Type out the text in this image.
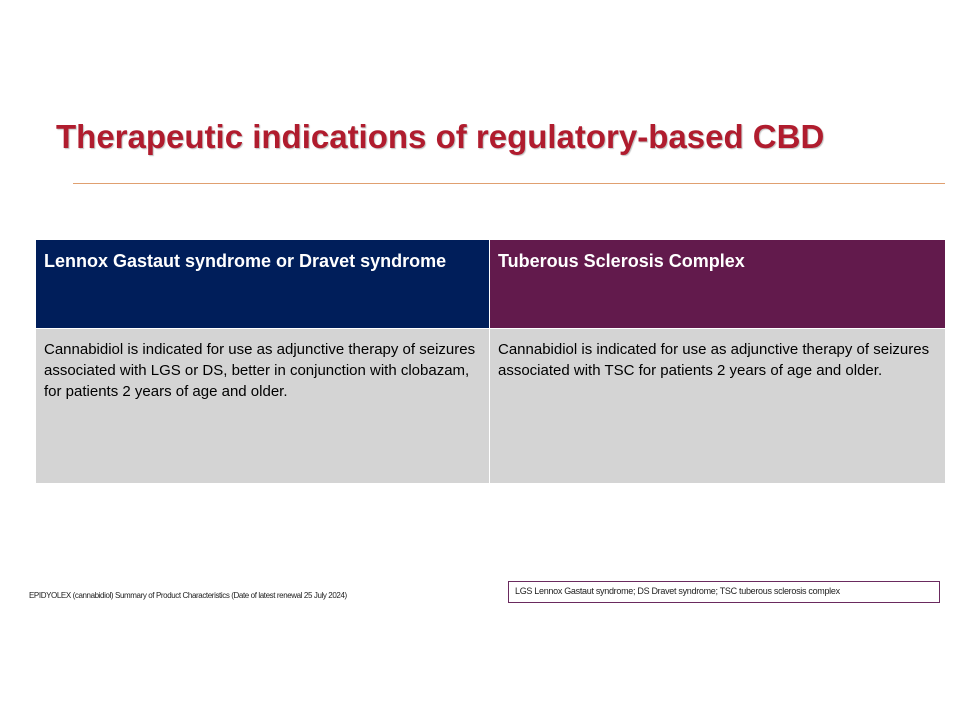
Therapeutic indications of regulatory-based CBD
Lennox Gastaut syndrome or Dravet syndrome	Tuberous Sclerosis Complex
Cannabidiol is indicated for use as adjunctive therapy of seizures associated with LGS or DS, better in conjunction with clobazam, for patients 2 years of age and older.
Cannabidiol is indicated for use as adjunctive therapy of seizures associated with TSC for patients 2 years of age and older.
EPIDYOLEX (cannabidiol) Summary of Product Characteristics (Date of latest renewal 25 July 2024)	LGS Lennox Gastaut syndrome; DS Dravet syndrome; TSC tuberous sclerosis complex
